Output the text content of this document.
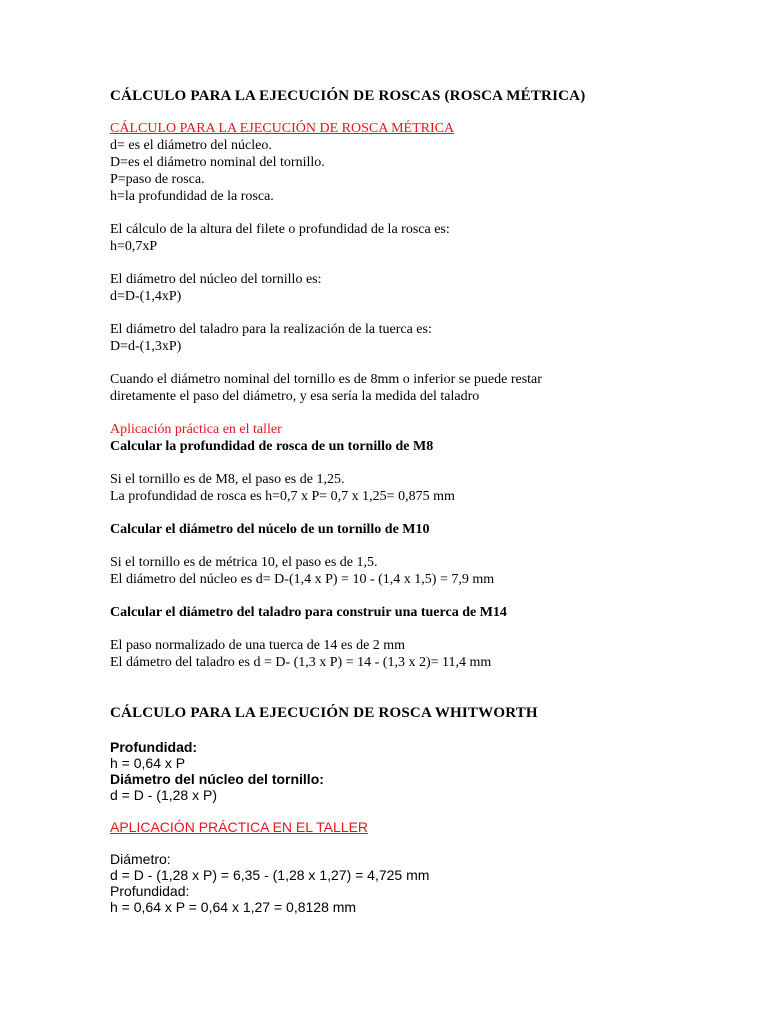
CÁLCULO PARA LA EJECUCIÓN DE ROSCAS (ROSCA MÉTRICA)
CÁLCULO PARA LA EJECUCIÓN DE ROSCA MÉTRICA
d= es el diámetro del núcleo.
D=es el diámetro nominal del tornillo.
P=paso de rosca.
h=la profundidad de la rosca.
El cálculo de la altura del filete o profundidad de la rosca es:
h=0,7xP
El diámetro del núcleo del tornillo es:
d=D-(1,4xP)
El diámetro del taladro para la realización de la tuerca es:
D=d-(1,3xP)
Cuando el diámetro nominal del tornillo es de 8mm o inferior se puede restar
diretamente el paso del diámetro, y esa sería la medida del taladro
Aplicación práctica en el taller
Calcular la profundidad de rosca de un tornillo de M8
Si el tornillo es de M8, el paso es de 1,25.
La profundidad de rosca es h=0,7 x P= 0,7 x 1,25= 0,875 mm
Calcular el diámetro del núcelo de un tornillo de M10
Si el tornillo es de métrica 10, el paso es de 1,5.
El diámetro del núcleo es d= D-(1,4 x P) = 10 - (1,4 x 1,5) = 7,9 mm
Calcular el diámetro del taladro para construir una tuerca de M14
El paso normalizado de una tuerca de 14 es de 2 mm
El dámetro del taladro es d = D- (1,3 x P) = 14 - (1,3 x 2)= 11,4 mm
CÁLCULO PARA LA EJECUCIÓN DE ROSCA WHITWORTH
Profundidad:
h = 0,64 x P
Diámetro del núcleo del tornillo:
d = D - (1,28 x P)
APLICACIÓN PRÁCTICA EN EL TALLER
Diámetro:
d = D - (1,28 x P) = 6,35 - (1,28 x 1,27) = 4,725 mm
Profundidad:
h = 0,64 x P = 0,64 x 1,27 = 0,8128 mm
